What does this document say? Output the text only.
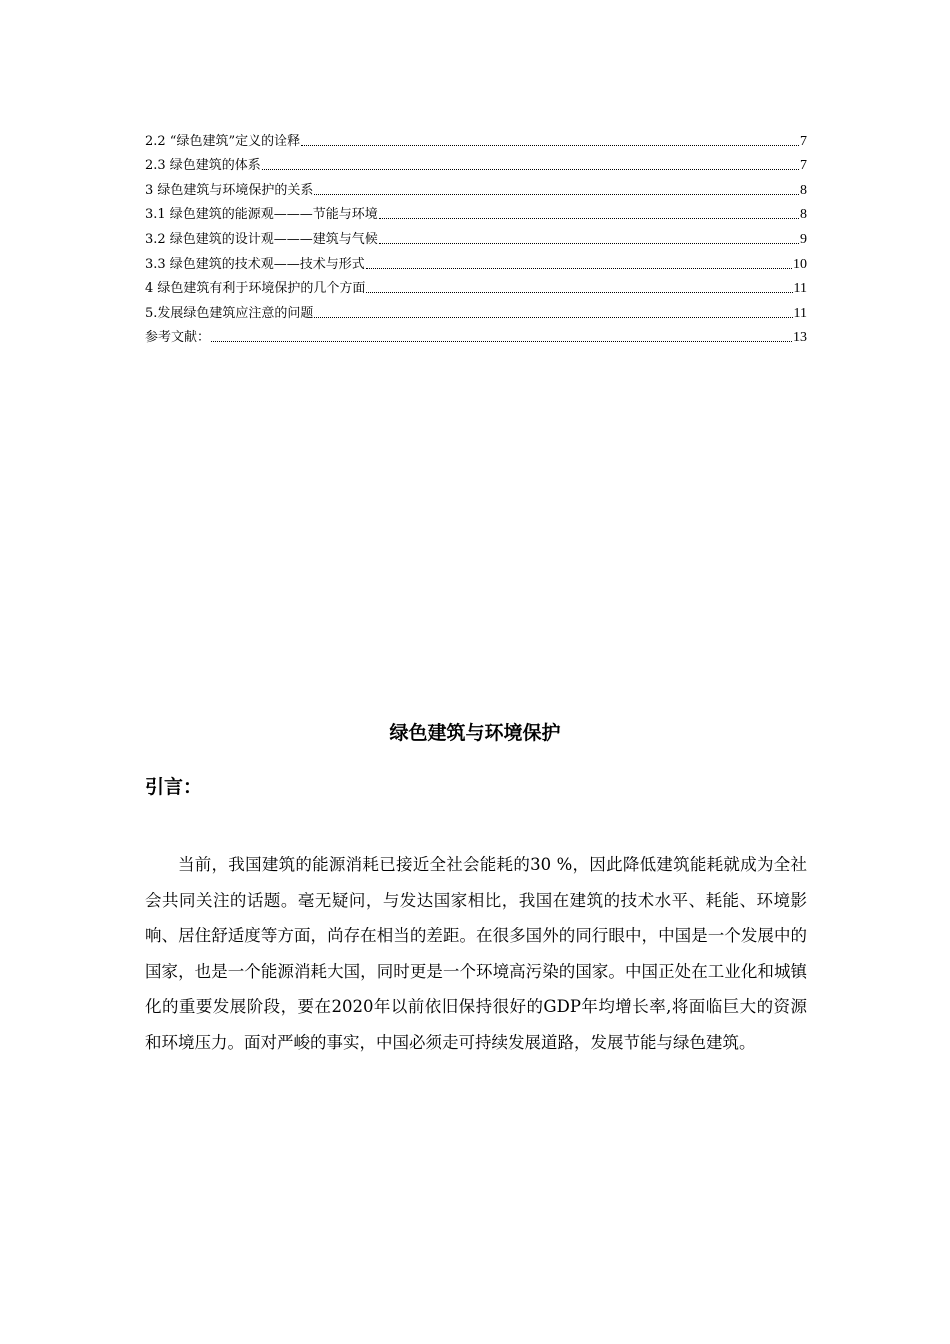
2.2 “绿色建筑”定义的诠释	7
2.3 绿色建筑的体系	7
3 绿色建筑与环境保护的关系	8
3.1 绿色建筑的能源观———节能与环境	8
3.2 绿色建筑的设计观———建筑与气候	9
3.3 绿色建筑的技术观——技术与形式	10
4 绿色建筑有利于环境保护的几个方面	11
5.发展绿色建筑应注意的问题	11
参考文献：	13
绿色建筑与环境保护
引言：

当前，我国建筑的能源消耗已接近全社会能耗的30 %，因此降低建筑能耗就成为全社会共同关注的话题。毫无疑问，与发达国家相比，我国在建筑的技术水平、耗能、环境影响、居住舒适度等方面，尚存在相当的差距。在很多国外的同行眼中，中国是一个发展中的国家，也是一个能源消耗大国，同时更是一个环境高污染的国家。中国正处在工业化和城镇化的重要发展阶段，要在2020年以前依旧保持很好的GDP年均增长率,将面临巨大的资源和环境压力。面对严峻的事实，中国必须走可持续发展道路，发展节能与绿色建筑。
